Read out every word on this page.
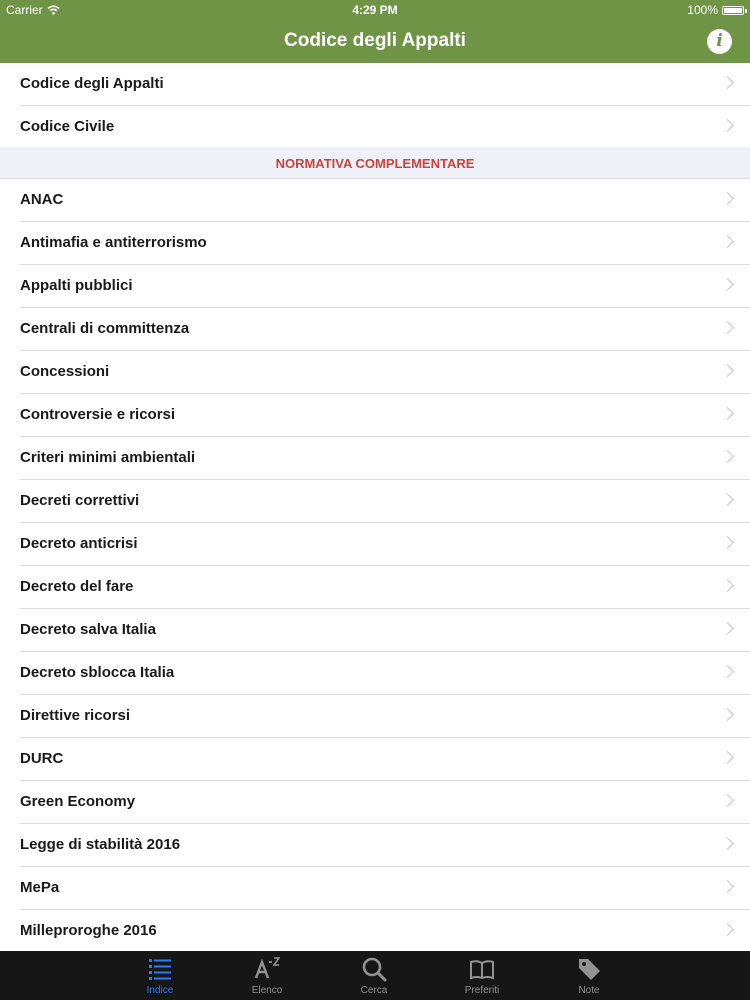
Carrier	4:29 PM	100%
Codice degli Appalti	i
Codice degli Appalti
Codice Civile
NORMATIVA COMPLEMENTARE
ANAC
Antimafia e antiterrorismo
Appalti pubblici
Centrali di committenza
Concessioni
Controversie e ricorsi
Criteri minimi ambientali
Decreti correttivi
Decreto anticrisi
Decreto del fare
Decreto salva Italia
Decreto sblocca Italia
Direttive ricorsi
DURC
Green Economy
Legge di stabilità 2016
MePa
Milleproroghe 2016
Indice	Elenco	Cerca	Preferiti	Note
